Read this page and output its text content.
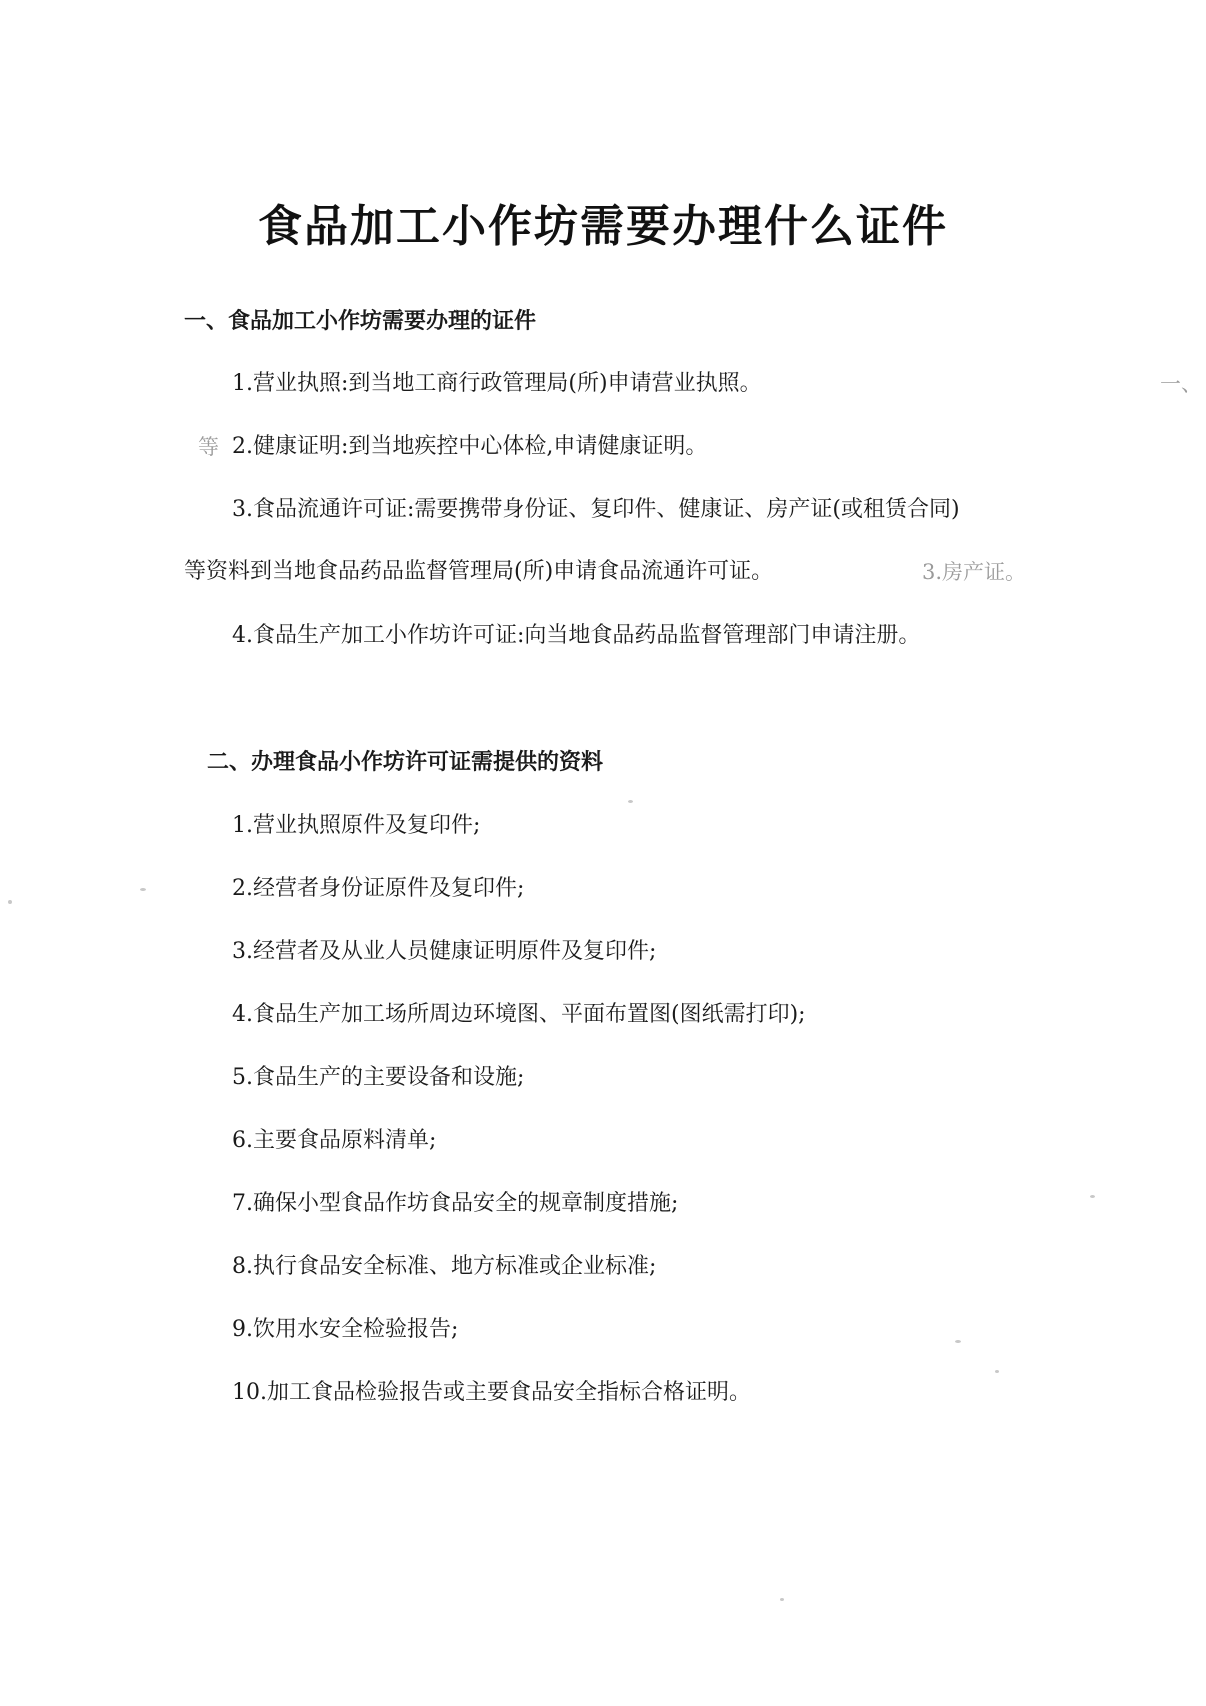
食品加工小作坊需要办理什么证件
一、食品加工小作坊需要办理的证件
1.营业执照:到当地工商行政管理局(所)申请营业执照。
2.健康证明:到当地疾控中心体检,申请健康证明。
3.食品流通许可证:需要携带身份证、复印件、健康证、房产证(或租赁合同)
等资料到当地食品药品监督管理局(所)申请食品流通许可证。
4.食品生产加工小作坊许可证:向当地食品药品监督管理部门申请注册。
二、办理食品小作坊许可证需提供的资料
1.营业执照原件及复印件;
2.经营者身份证原件及复印件;
3.经营者及从业人员健康证明原件及复印件;
4.食品生产加工场所周边环境图、平面布置图(图纸需打印);
5.食品生产的主要设备和设施;
6.主要食品原料清单;
7.确保小型食品作坊食品安全的规章制度措施;
8.执行食品安全标准、地方标准或企业标准;
9.饮用水安全检验报告;
10.加工食品检验报告或主要食品安全指标合格证明。
等
一、
3.房产证。
